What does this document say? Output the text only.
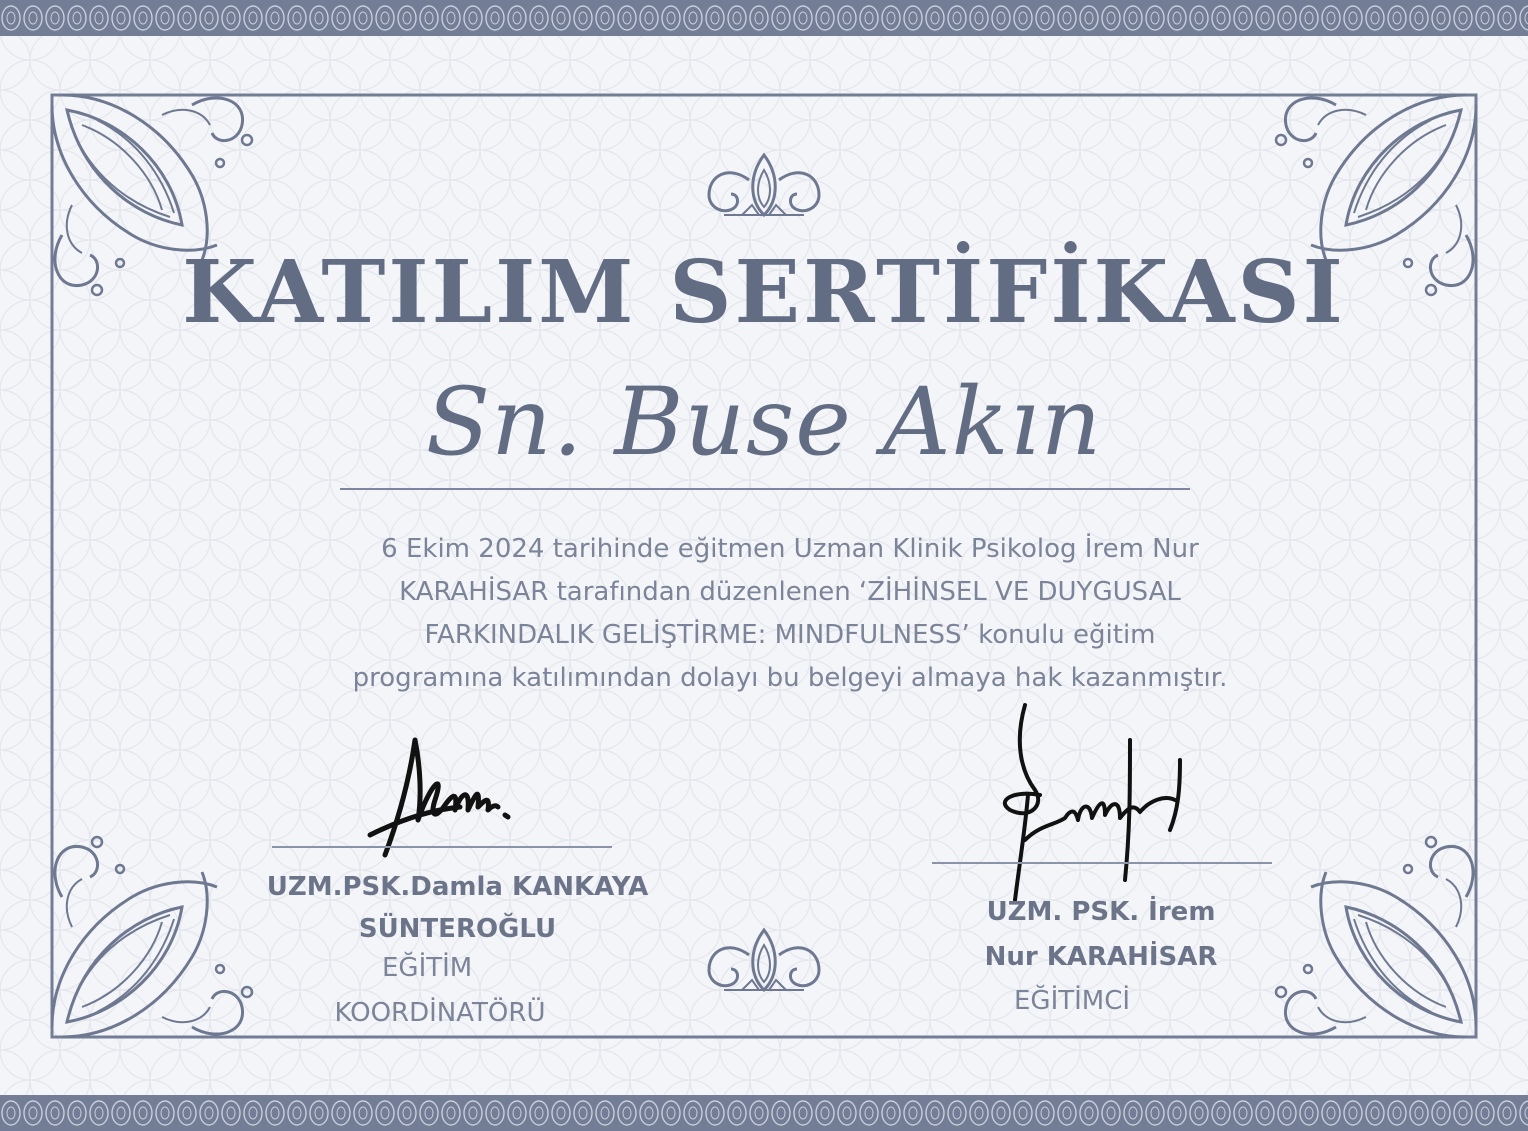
KATILIM SERTİFİKASI
Sn. Buse Akın

6 Ekim 2024 tarihinde eğitmen Uzman Klinik Psikolog İrem Nur
KARAHİSAR tarafından düzenlenen ‘ZİHİNSEL VE DUYGUSAL
FARKINDALIK GELİŞTİRME: MINDFULNESS’ konulu eğitim
programına katılımından dolayı bu belgeyi almaya hak kazanmıştır.

UZM.PSK.Damla KANKAYA
SÜNTEROĞLU
EĞİTİM
KOORDİNATÖRÜ
UZM. PSK. İrem
Nur KARAHİSAR
EĞİTİMCİ
